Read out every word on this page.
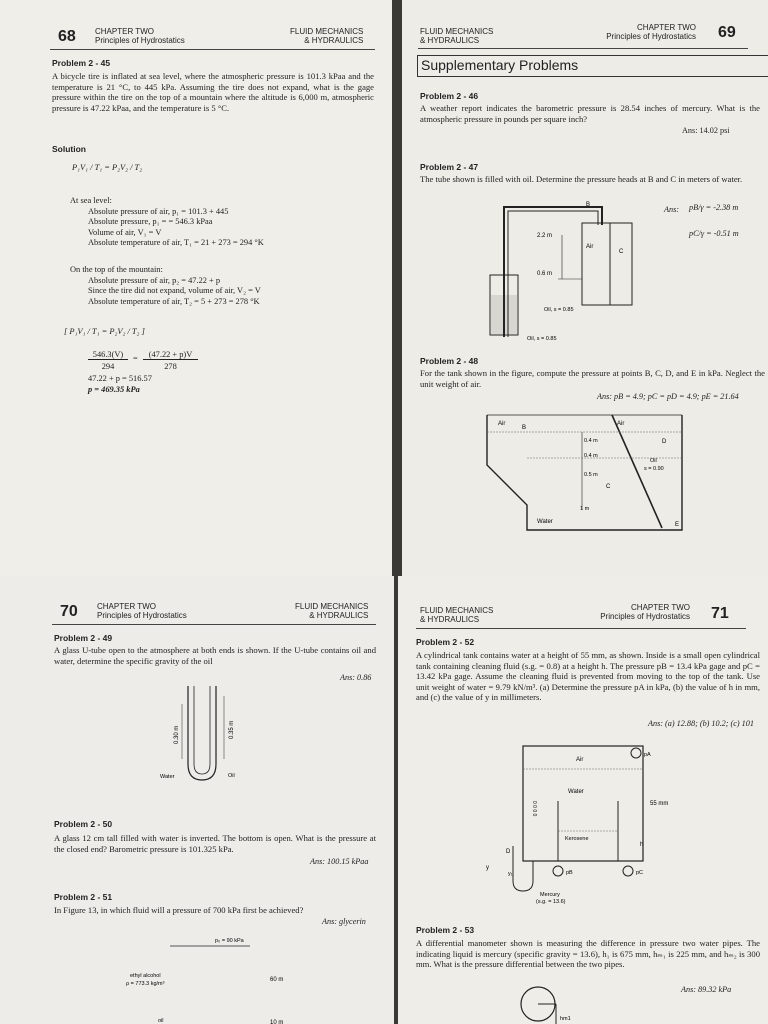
68 CHAPTER TWO
Principles of Hydrostatics
FLUID MECHANICS
& HYDRAULICS
Problem 2 - 45
A bicycle tire is inflated at sea level, where the atmospheric pressure is 101.3 kPaa and the temperature is 21 °C, to 445 kPa. Assuming the tire does not expand, what is the gage pressure within the tire on the top of a mountain where the altitude is 6,000 m, atmospheric pressure is 47.22 kPaa, and the temperature is 5 °C.
Solution
P₁V₁ / T₁ = P₂V₂ / T₂
At sea level:
Absolute pressure of air, p₁ = 101.3 + 445
Absolute pressure, p₁ = = 546.3 kPaa
Volume of air, V₁ = V
Absolute temperature of air, T₁ = 21 + 273 = 294 °K
On the top of the mountain:
Absolute pressure of air, p₂ = 47.22 + p
Since the tire did not expand, volume of air, V₂ = V
Absolute temperature of air, T₂ = 5 + 273 = 278 °K
[ P₁V₁ / T₁ = P₂V₂ / T₂ ]
546.3(V)
294
=	(47.22 + p)V
278
47.22 + p = 516.57
p = 469.35 kPa
FLUID MECHANICS
& HYDRAULICS
CHAPTER TWO
Principles of Hydrostatics 69
Supplementary Problems
Problem 2 - 46
A weather report indicates the barometric pressure is 28.54 inches of mercury. What is the atmospheric pressure in pounds per square inch?
Ans: 14.02 psi
Problem 2 - 47
The tube shown is filled with oil. Determine the pressure heads at B and C in meters of water.
Ans: pB/γ = -2.38 m
pC/γ = -0.51 m
B
C
Air
2.2 m
0.6 m
Oil, s = 0.85
Oil, s = 0.85
Problem 2 - 48
For the tank shown in the figure, compute the pressure at points B, C, D, and E in kPa. Neglect the unit weight of air.
Ans: pB = 4.9; pC = pD = 4.9; pE = 21.64
Air
B
Air
D
Oil
s = 0.90
0.4 m
0.4 m
0.5 m
C
1 m
Water	E
70 CHAPTER TWO
Principles of Hydrostatics
FLUID MECHANICS
& HYDRAULICS
Problem 2 - 49
A glass U-tube open to the atmosphere at both ends is shown. If the U-tube contains oil and water, determine the specific gravity of the oil
Ans: 0.86
0.30 m	0.35 m
Water	Oil
Problem 2 - 50
A glass 12 cm tall filled with water is inverted. The bottom is open. What is the pressure at the closed end? Barometric pressure is 101.325 kPa.
Ans: 100.15 kPaa
Problem 2 - 51
In Figure 13, in which fluid will a pressure of 700 kPa first be achieved?
Ans: glycerin
p₀ = 90 kPa
ethyl alcohol
ρ = 773.3 kg/m³
60 m
oil	10 m
FLUID MECHANICS
& HYDRAULICS
CHAPTER TWO
Principles of Hydrostatics 71
Problem 2 - 52
A cylindrical tank contains water at a height of 55 mm, as shown. Inside is a small open cylindrical tank containing cleaning fluid (s.g. = 0.8) at a height h. The pressure pB = 13.4 kPa gage and pC = 13.42 kPa gage. Assume the cleaning fluid is prevented from moving to the top of the tank. Use unit weight of water = 9.79 kN/m³. (a) Determine the pressure pA in kPa, (b) the value of h in mm, and (c) the value of y in millimeters.
Ans: (a) 12.88; (b) 10.2; (c) 101
pA
Air
Water
55 mm
Kerosene
h
0 0 0 0
D
y
y₁	pB	pC
Mercury
(s.g. = 13.6)
Problem 2 - 53
A differential manometer shown is measuring the difference in pressure two water pipes. The indicating liquid is mercury (specific gravity = 13.6), h₁ is 675 mm, hₘ₁ is 225 mm, and hₘ₂ is 300 mm. What is the pressure differential between the two pipes.
Ans: 89.32 kPa
hm1
